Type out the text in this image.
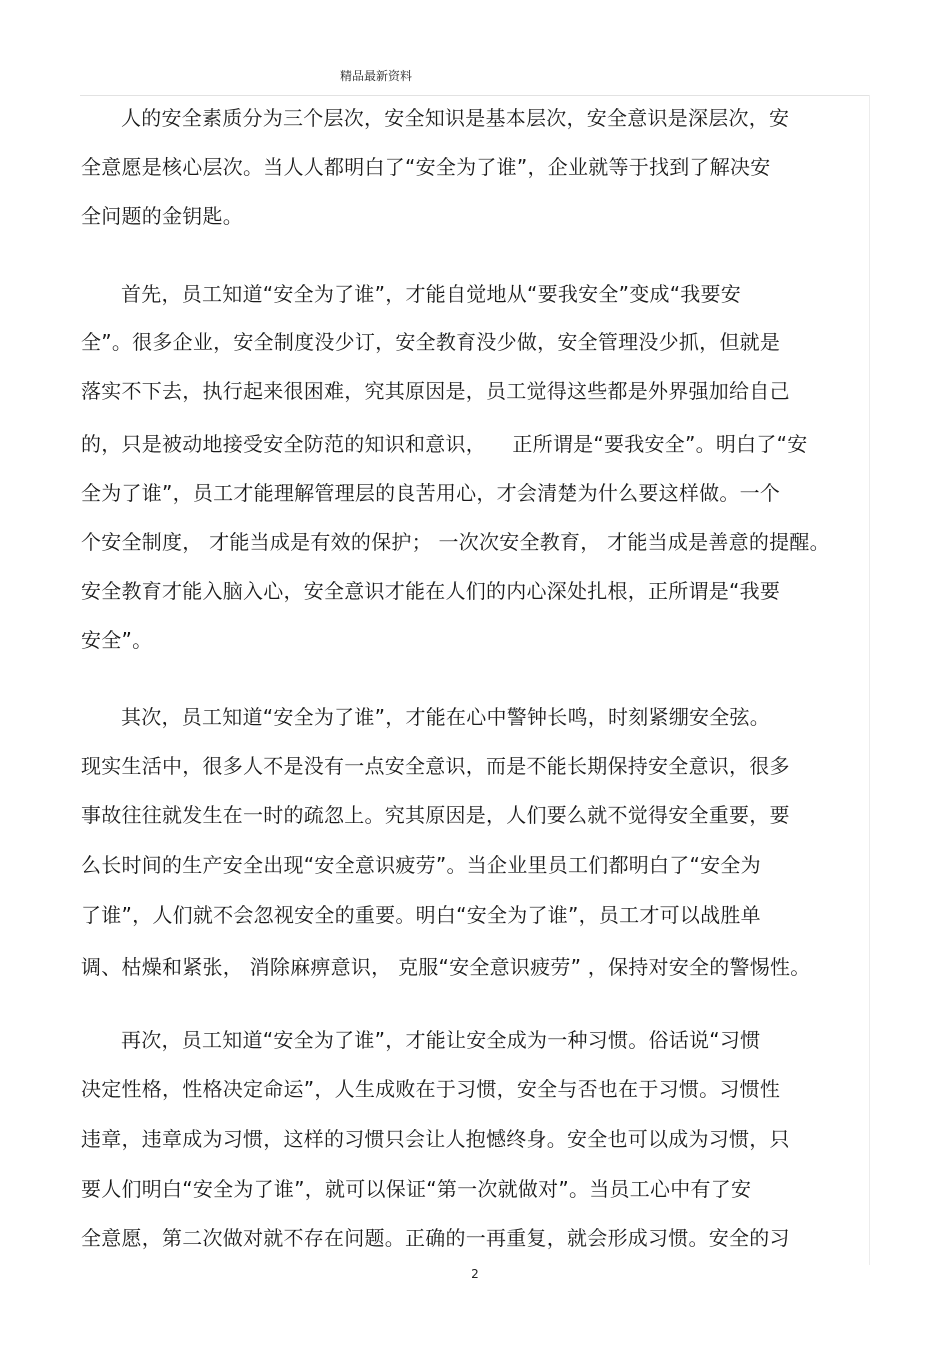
精品最新资料
人的安全素质分为三个层次，安全知识是基本层次，安全意识是深层次，安
全意愿是核心层次。当人人都明白了“安全为了谁”，企业就等于找到了解决安
全问题的金钥匙。
首先，员工知道“安全为了谁”，才能自觉地从“要我安全”变成“我要安
全”。很多企业，安全制度没少订，安全教育没少做，安全管理没少抓，但就是
落实不下去，执行起来很困难，究其原因是，员工觉得这些都是外界强加给自己
的，只是被动地接受安全防范的知识和意识，    正所谓是“要我安全”。明白了“安
全为了谁”，员工才能理解管理层的良苦用心，才会清楚为什么要这样做。一个
个安全制度， 才能当成是有效的保护； 一次次安全教育， 才能当成是善意的提醒。
安全教育才能入脑入心，安全意识才能在人们的内心深处扎根，正所谓是“我要
安全”。
其次，员工知道“安全为了谁”，才能在心中警钟长鸣，时刻紧绷安全弦。
现实生活中，很多人不是没有一点安全意识，而是不能长期保持安全意识，很多
事故往往就发生在一时的疏忽上。究其原因是，人们要么就不觉得安全重要，要
么长时间的生产安全出现“安全意识疲劳”。当企业里员工们都明白了“安全为
了谁”，人们就不会忽视安全的重要。明白“安全为了谁”，员工才可以战胜单
调、枯燥和紧张， 消除麻痹意识， 克服“安全意识疲劳” ，保持对安全的警惕性。
再次，员工知道“安全为了谁”，才能让安全成为一种习惯。俗话说“习惯
决定性格，性格决定命运”，人生成败在于习惯，安全与否也在于习惯。习惯性
违章，违章成为习惯，这样的习惯只会让人抱憾终身。安全也可以成为习惯，只
要人们明白“安全为了谁”，就可以保证“第一次就做对”。当员工心中有了安
全意愿，第二次做对就不存在问题。正确的一再重复，就会形成习惯。安全的习
2
